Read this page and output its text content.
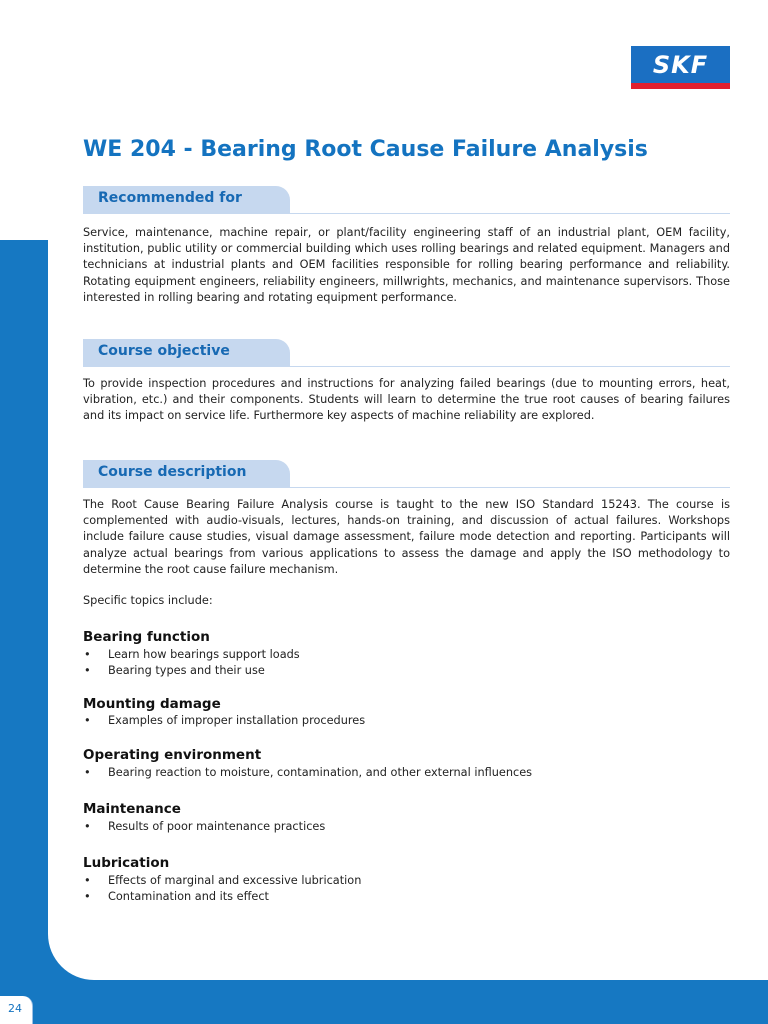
SKF
WE 204 - Bearing Root Cause Failure Analysis
Recommended for
Service, maintenance, machine repair, or plant/facility engineering staff of an industrial plant, OEM facility, institution, public utility or commercial building which uses rolling bearings and related equipment. Managers and technicians at industrial plants and OEM facilities responsible for rolling bearing performance and reliability. Rotating equipment engineers, reliability engineers, millwrights, mechanics, and maintenance supervisors. Those interested in rolling bearing and rotating equipment performance.
Course objective
To provide inspection procedures and instructions for analyzing failed bearings (due to mounting errors, heat, vibration, etc.) and their components. Students will learn to determine the true root causes of bearing failures and its impact on service life. Furthermore key aspects of machine reliability are explored.
Course description
The Root Cause Bearing Failure Analysis course is taught to the new ISO Standard 15243. The course is complemented with audio-visuals, lectures, hands-on training, and discussion of actual failures. Workshops include failure cause studies, visual damage assessment, failure mode detection and reporting. Participants will analyze actual bearings from various applications to assess the damage and apply the ISO methodology to determine the root cause failure mechanism.
Specific topics include:
Bearing function
• Learn how bearings support loads
• Bearing types and their use
Mounting damage
• Examples of improper installation procedures
Operating environment
• Bearing reaction to moisture, contamination, and other external influences
Maintenance
• Results of poor maintenance practices
Lubrication
• Effects of marginal and excessive lubrication
• Contamination and its effect
24
